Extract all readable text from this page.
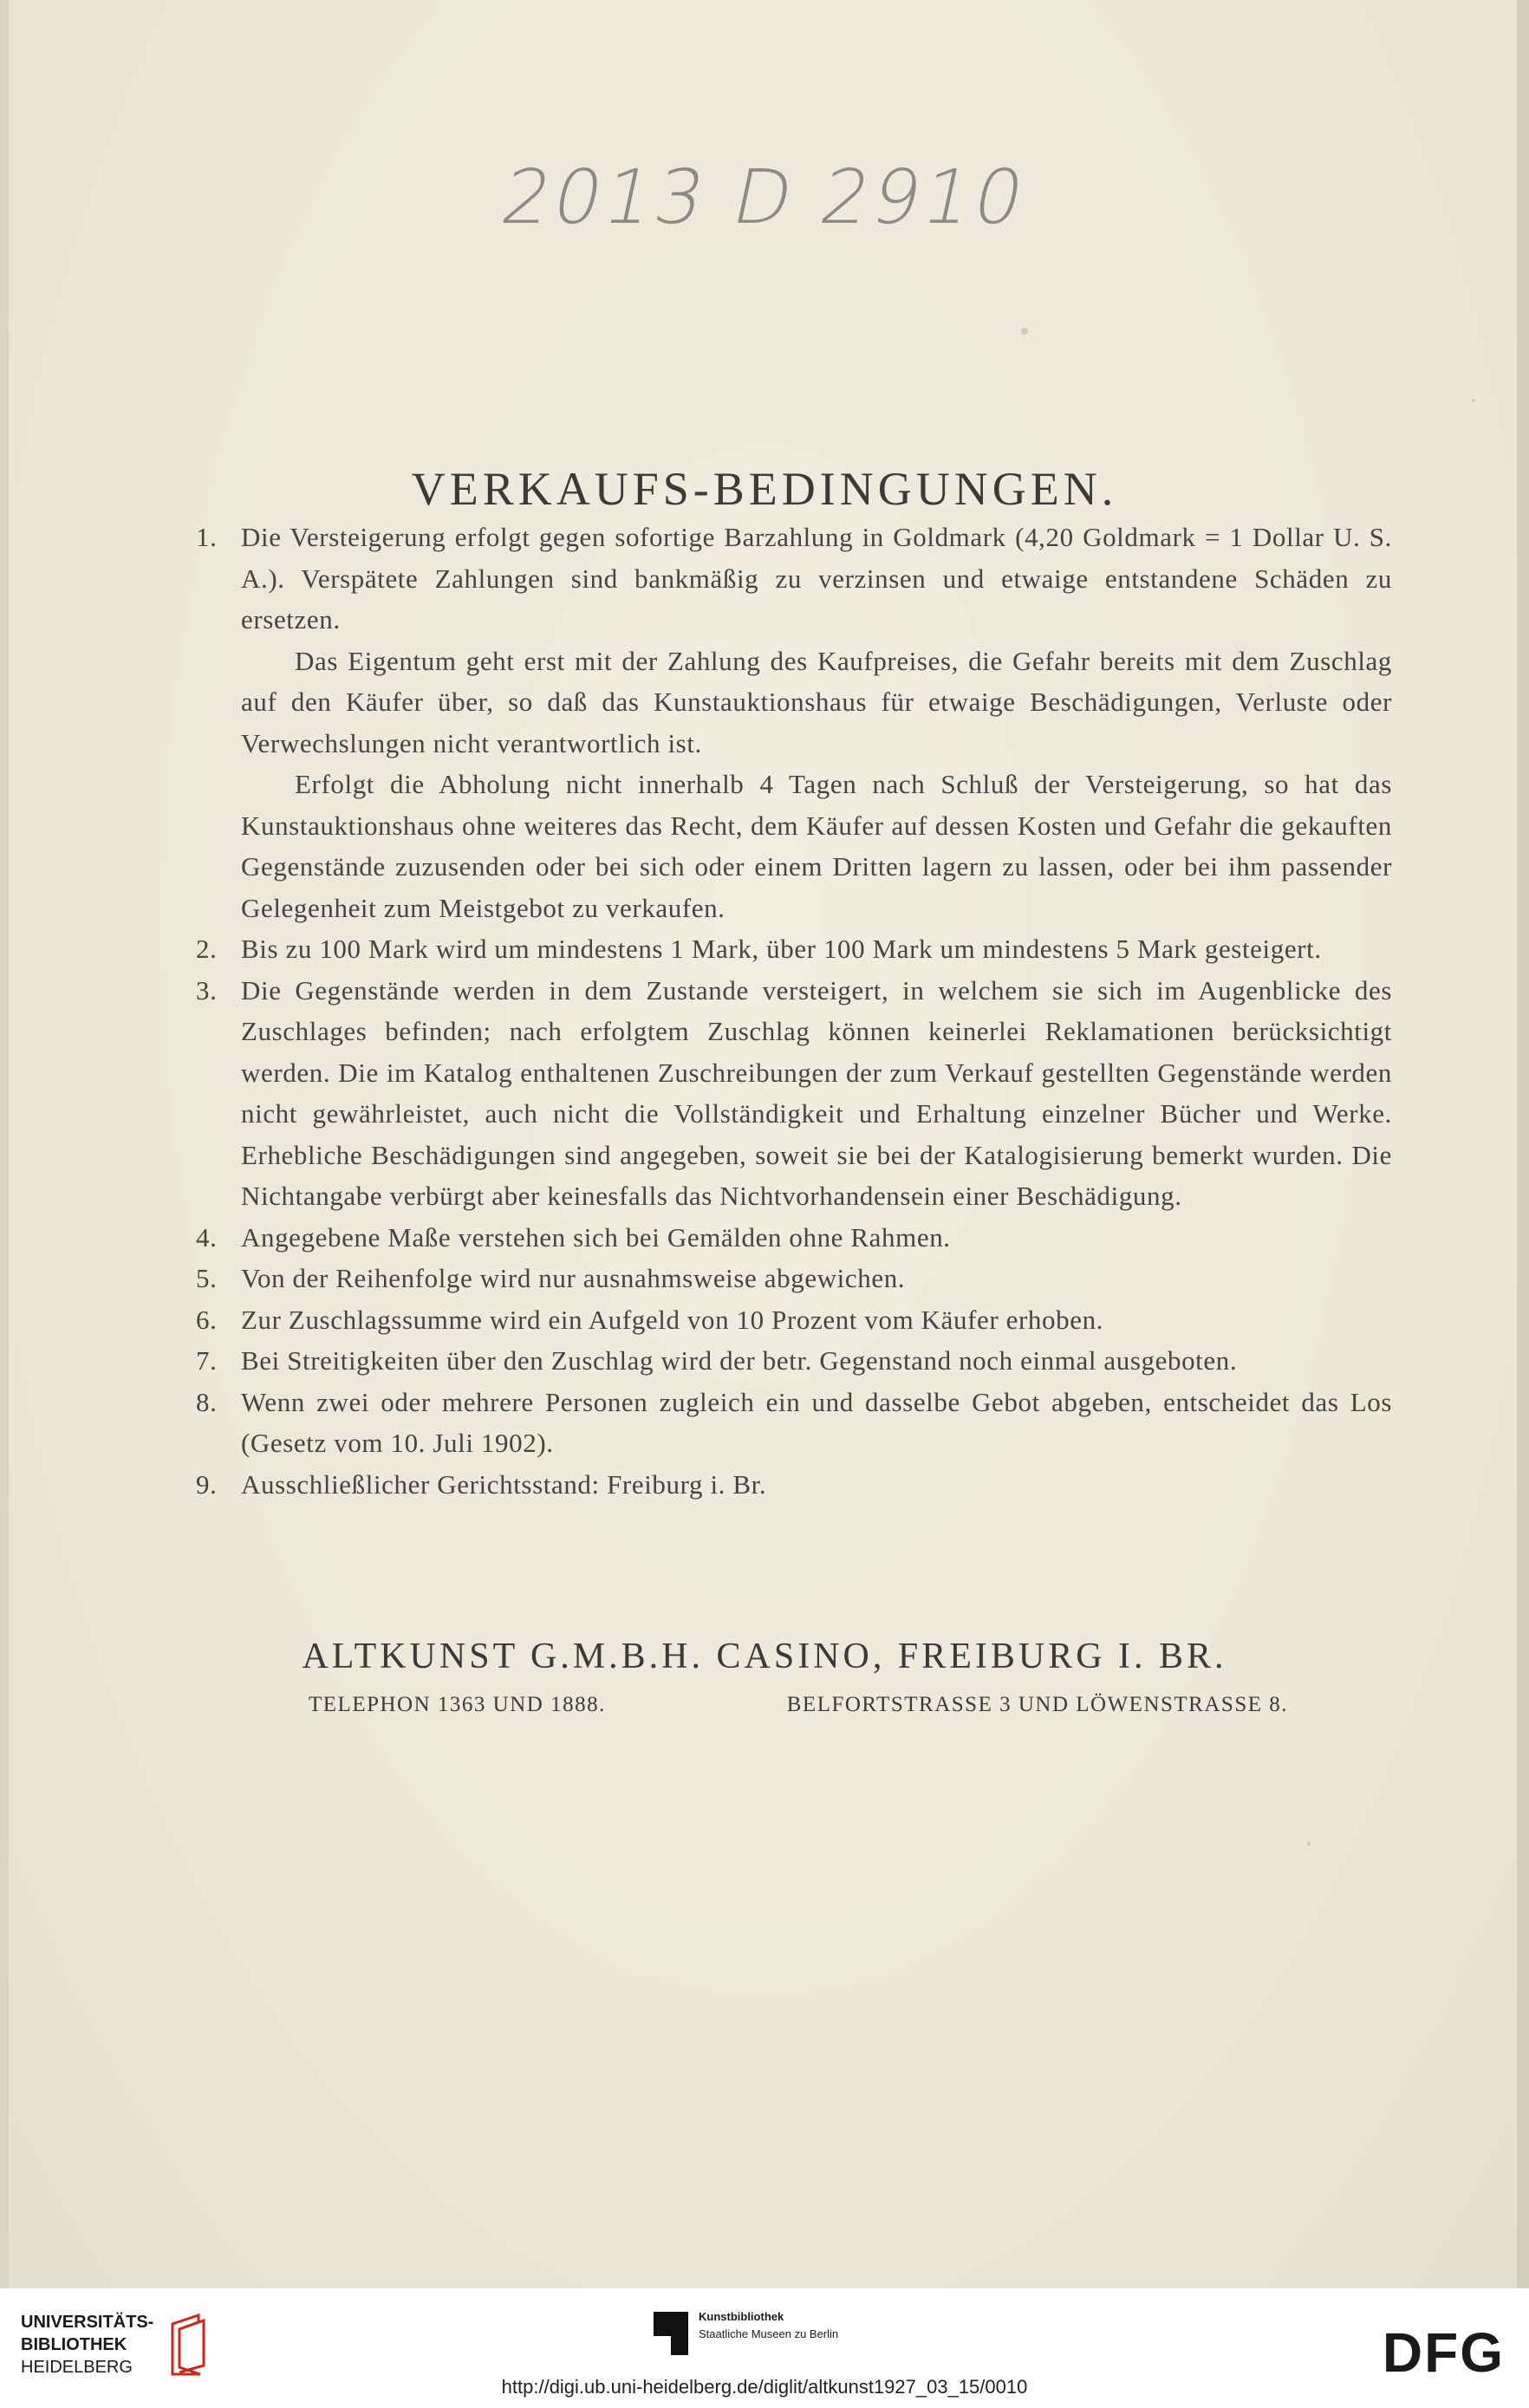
2013 D 2910
VERKAUFS-BEDINGUNGEN.
1. Die Versteigerung erfolgt gegen sofortige Barzahlung in Goldmark (4,20 Goldmark = 1 Dollar U. S. A.). Verspätete Zahlungen sind bankmäßig zu verzinsen und etwaige entstandene Schäden zu ersetzen.
Das Eigentum geht erst mit der Zahlung des Kaufpreises, die Gefahr bereits mit dem Zuschlag auf den Käufer über, so daß das Kunstauktionshaus für etwaige Beschädigungen, Verluste oder Verwechslungen nicht verantwortlich ist.
Erfolgt die Abholung nicht innerhalb 4 Tagen nach Schluß der Versteigerung, so hat das Kunstauktionshaus ohne weiteres das Recht, dem Käufer auf dessen Kosten und Gefahr die gekauften Gegenstände zuzusenden oder bei sich oder einem Dritten lagern zu lassen, oder bei ihm passender Gelegenheit zum Meistgebot zu verkaufen.
2. Bis zu 100 Mark wird um mindestens 1 Mark, über 100 Mark um mindestens 5 Mark gesteigert.
3. Die Gegenstände werden in dem Zustande versteigert, in welchem sie sich im Augenblicke des Zuschlages befinden; nach erfolgtem Zuschlag können keinerlei Reklamationen berücksichtigt werden. Die im Katalog enthaltenen Zuschreibungen der zum Verkauf gestellten Gegenstände werden nicht gewährleistet, auch nicht die Vollständigkeit und Erhaltung einzelner Bücher und Werke. Erhebliche Beschädigungen sind angegeben, soweit sie bei der Katalogisierung bemerkt wurden. Die Nichtangabe verbürgt aber keinesfalls das Nichtvorhandensein einer Beschädigung.
4. Angegebene Maße verstehen sich bei Gemälden ohne Rahmen.
5. Von der Reihenfolge wird nur ausnahmsweise abgewichen.
6. Zur Zuschlagssumme wird ein Aufgeld von 10 Prozent vom Käufer erhoben.
7. Bei Streitigkeiten über den Zuschlag wird der betr. Gegenstand noch einmal ausgeboten.
8. Wenn zwei oder mehrere Personen zugleich ein und dasselbe Gebot abgeben, entscheidet das Los (Gesetz vom 10. Juli 1902).
9. Ausschließlicher Gerichtsstand: Freiburg i. Br.
ALTKUNST G.M.B.H. CASINO, FREIBURG I. BR.
TELEPHON 1363 UND 1888.	BELFORTSTRASSE 3 UND LÖWENSTRASSE 8.
UNIVERSITÄTS-
BIBLIOTHEK
HEIDELBERG
Kunstbibliothek
Staatliche Museen zu Berlin	DFG
http://digi.ub.uni-heidelberg.de/diglit/altkunst1927_03_15/0010
